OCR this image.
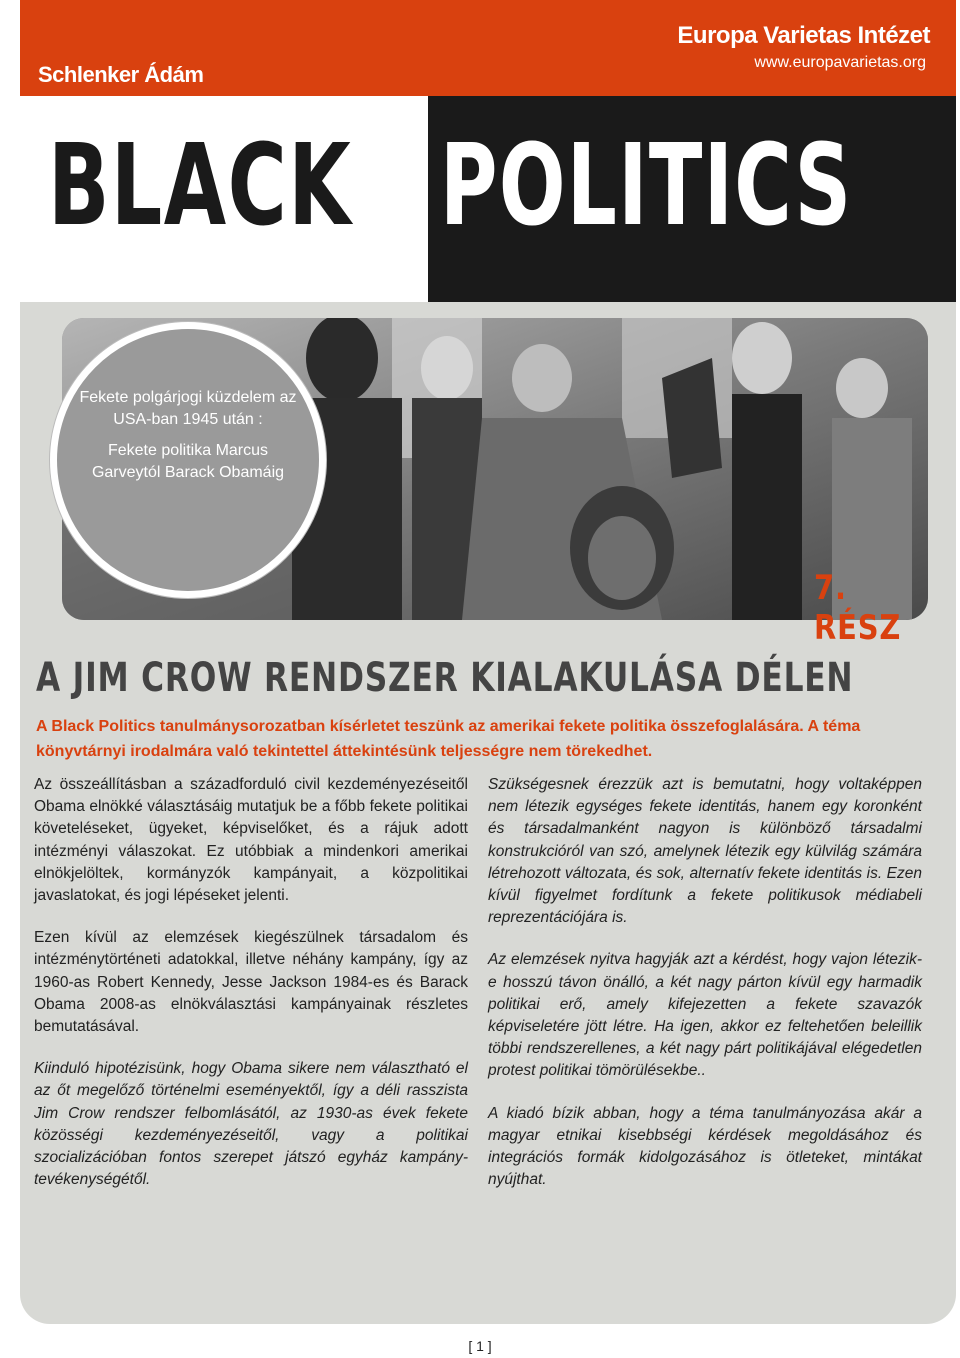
Schlenker Ádám
Europa Varietas Intézet
www.europavarietas.org
BLACK POLITICS

Fekete polgárjogi küzdelem az USA-ban 1945 után :

Fekete politika Marcus Garveytól Barack Obamáig

7. RÉSZ
A JIM CROW RENDSZER KIALAKULÁSA DÉLEN
A Black Politics tanulmánysorozatban kísérletet teszünk az amerikai fekete politika összefoglalására. A téma könyvtárnyi irodalmára való tekintettel áttekintésünk teljességre nem törekedhet.

Az összeállításban a századforduló civil kezdeményezéseitől Obama elnökké választásáig mutatjuk be a főbb fekete politikai követeléseket, ügyeket, képviselőket, és a rájuk adott intézményi válaszokat. Ez utóbbiak a mindenkori amerikai elnökjelöltek, kormányzók kampányait, a közpolitikai javaslatokat, és jogi lépéseket jelenti.

Ezen kívül az elemzések kiegészülnek társadalom és intézménytörténeti adatokkal, illetve néhány kampány, így az 1960-as Robert Kennedy, Jesse Jackson 1984-es és Barack Obama 2008-as elnökválasztási kampányainak részletes bemutatásával.

Kiinduló hipotézisünk, hogy Obama sikere nem választható el az őt megelőző történelmi eseményektől, így a déli rasszista Jim Crow rendszer felbomlásától, az 1930-as évek fekete közösségi kezdeményezéseitől, vagy a politikai szocializációban fontos szerepet játszó egyház kampány-tevékenységétől.

Szükségesnek érezzük azt is bemutatni, hogy voltaképpen nem létezik egységes fekete identitás, hanem egy koronként és társadalmanként nagyon is különböző társadalmi konstrukcióról van szó, amelynek létezik egy külvilág számára létrehozott változata, és sok, alternatív fekete identitás is. Ezen kívül figyelmet fordítunk a fekete politikusok médiabeli reprezentációjára is.

Az elemzések nyitva hagyják azt a kérdést, hogy vajon létezik-e hosszú távon önálló, a két nagy párton kívül egy harmadik politikai erő, amely kifejezetten a fekete szavazók képviseletére jött létre. Ha igen, akkor ez feltehetően beleillik többi rendszerellenes, a két nagy párt politikájával elégedetlen protest politikai tömörülésekbe..

A kiadó bízik abban, hogy a téma tanulmányozása akár a magyar etnikai kisebbségi kérdések megoldásához és integrációs formák kidolgozásához is ötleteket, mintákat nyújthat.

[ 1 ]
